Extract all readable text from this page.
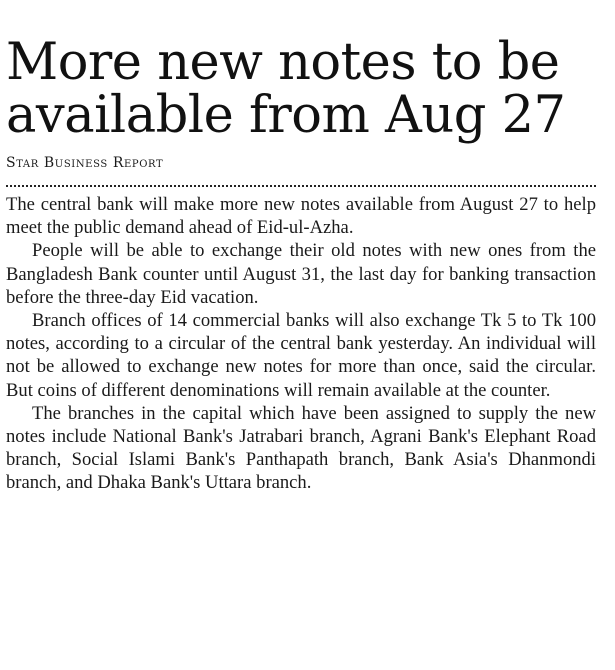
More new notes to be available from Aug 27
Star Business Report

The central bank will make more new notes available from August 27 to help meet the public demand ahead of Eid-ul-Azha.

People will be able to exchange their old notes with new ones from the Bangladesh Bank counter until August 31, the last day for banking transaction before the three-day Eid vacation.

Branch offices of 14 commercial banks will also exchange Tk 5 to Tk 100 notes, according to a circular of the central bank yesterday. An individual will not be allowed to exchange new notes for more than once, said the circular. But coins of different denominations will remain available at the counter.

The branches in the capital which have been assigned to supply the new notes include National Bank's Jatrabari branch, Agrani Bank's Elephant Road branch, Social Islami Bank's Panthapath branch, Bank Asia's Dhanmondi branch, and Dhaka Bank's Uttara branch.
